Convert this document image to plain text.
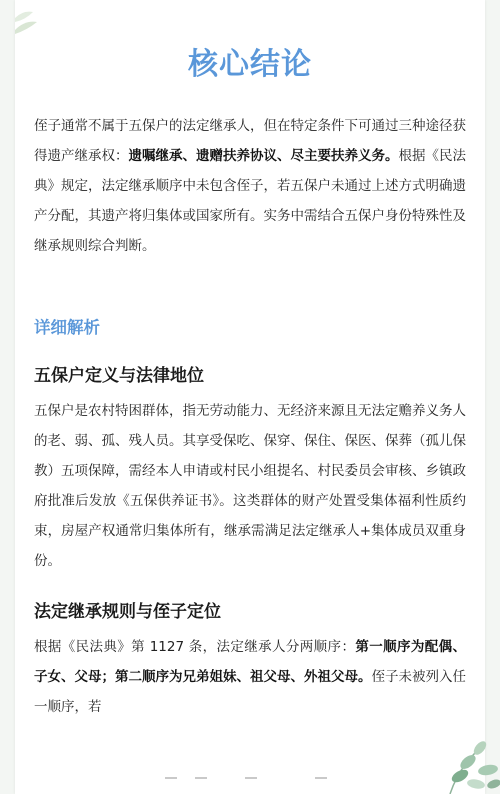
核心结论

侄子通常不属于五保户的法定继承人，但在特定条件下可通过三种途径获得遗产继承权：遗嘱继承、遗赠扶养协议、尽主要扶养义务。根据《民法典》规定，法定继承顺序中未包含侄子，若五保户未通过上述方式明确遗产分配，其遗产将归集体或国家所有。实务中需结合五保户身份特殊性及继承规则综合判断。

详细解析
五保户定义与法律地位

五保户是农村特困群体，指无劳动能力、无经济来源且无法定赡养义务人的老、弱、孤、残人员。其享受保吃、保穿、保住、保医、保葬（孤儿保教）五项保障，需经本人申请或村民小组提名、村民委员会审核、乡镇政府批准后发放《五保供养证书》。这类群体的财产处置受集体福利性质约束，房屋产权通常归集体所有，继承需满足法定继承人+集体成员双重身份。

法定继承规则与侄子定位

根据《民法典》第 1127 条，法定继承人分两顺序：第一顺序为配偶、子女、父母；第二顺序为兄弟姐妹、祖父母、外祖父母。侄子未被列入任一顺序，若
